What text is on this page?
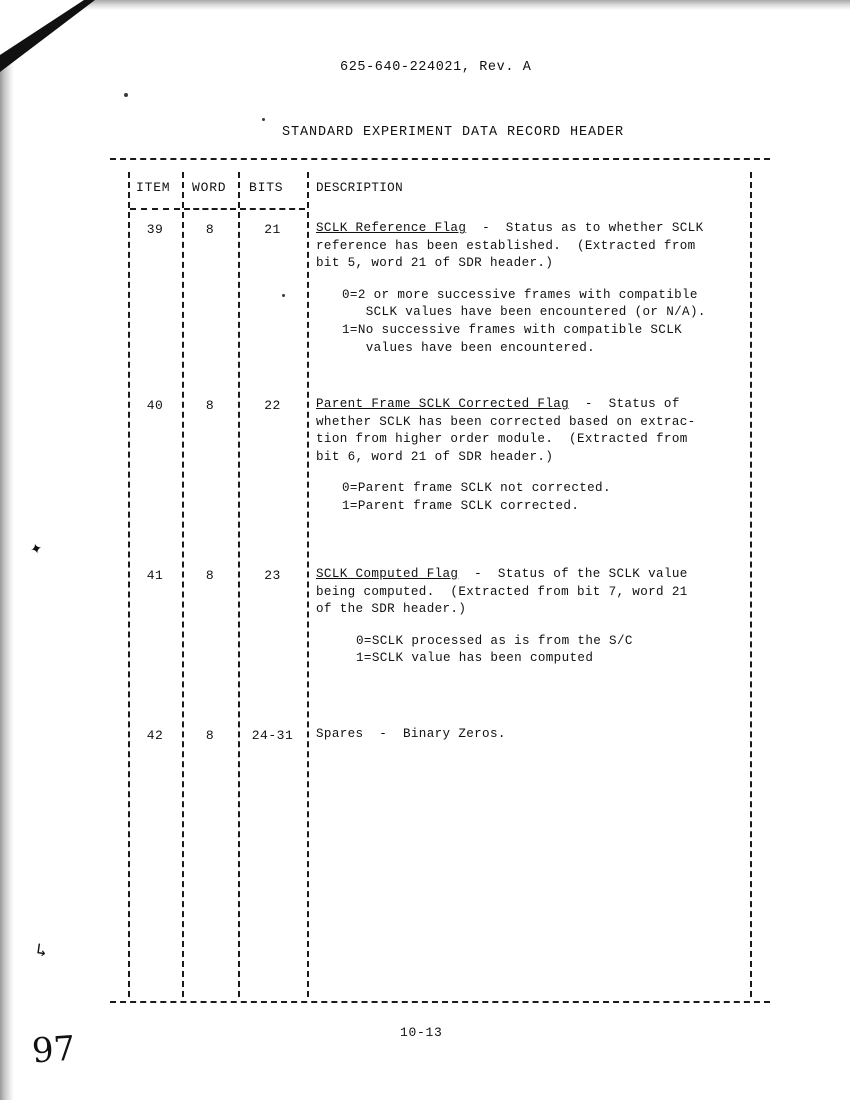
625-640-224021, Rev. A
STANDARD EXPERIMENT DATA RECORD HEADER
ITEM WORD BITS	DESCRIPTION
39	8	21	SCLK Reference Flag  -  Status as to whether SCLK

reference has been established.  (Extracted from

bit 5, word 21 of SDR header.)

0=2 or more successive frames with compatible

SCLK values have been encountered (or N/A).

1=No successive frames with compatible SCLK

values have been encountered.

40	8	22	Parent Frame SCLK Corrected Flag  -  Status of

whether SCLK has been corrected based on extrac-

tion from higher order module.  (Extracted from

bit 6, word 21 of SDR header.)

0=Parent frame SCLK not corrected.

1=Parent frame SCLK corrected.

41	8	23	SCLK Computed Flag  -  Status of the SCLK value

being computed.  (Extracted from bit 7, word 21

of the SDR header.)

0=SCLK processed as is from the S/C

1=SCLK value has been computed

42	8	24-31	Spares  -  Binary Zeros.

✦
↳
10-13
97
